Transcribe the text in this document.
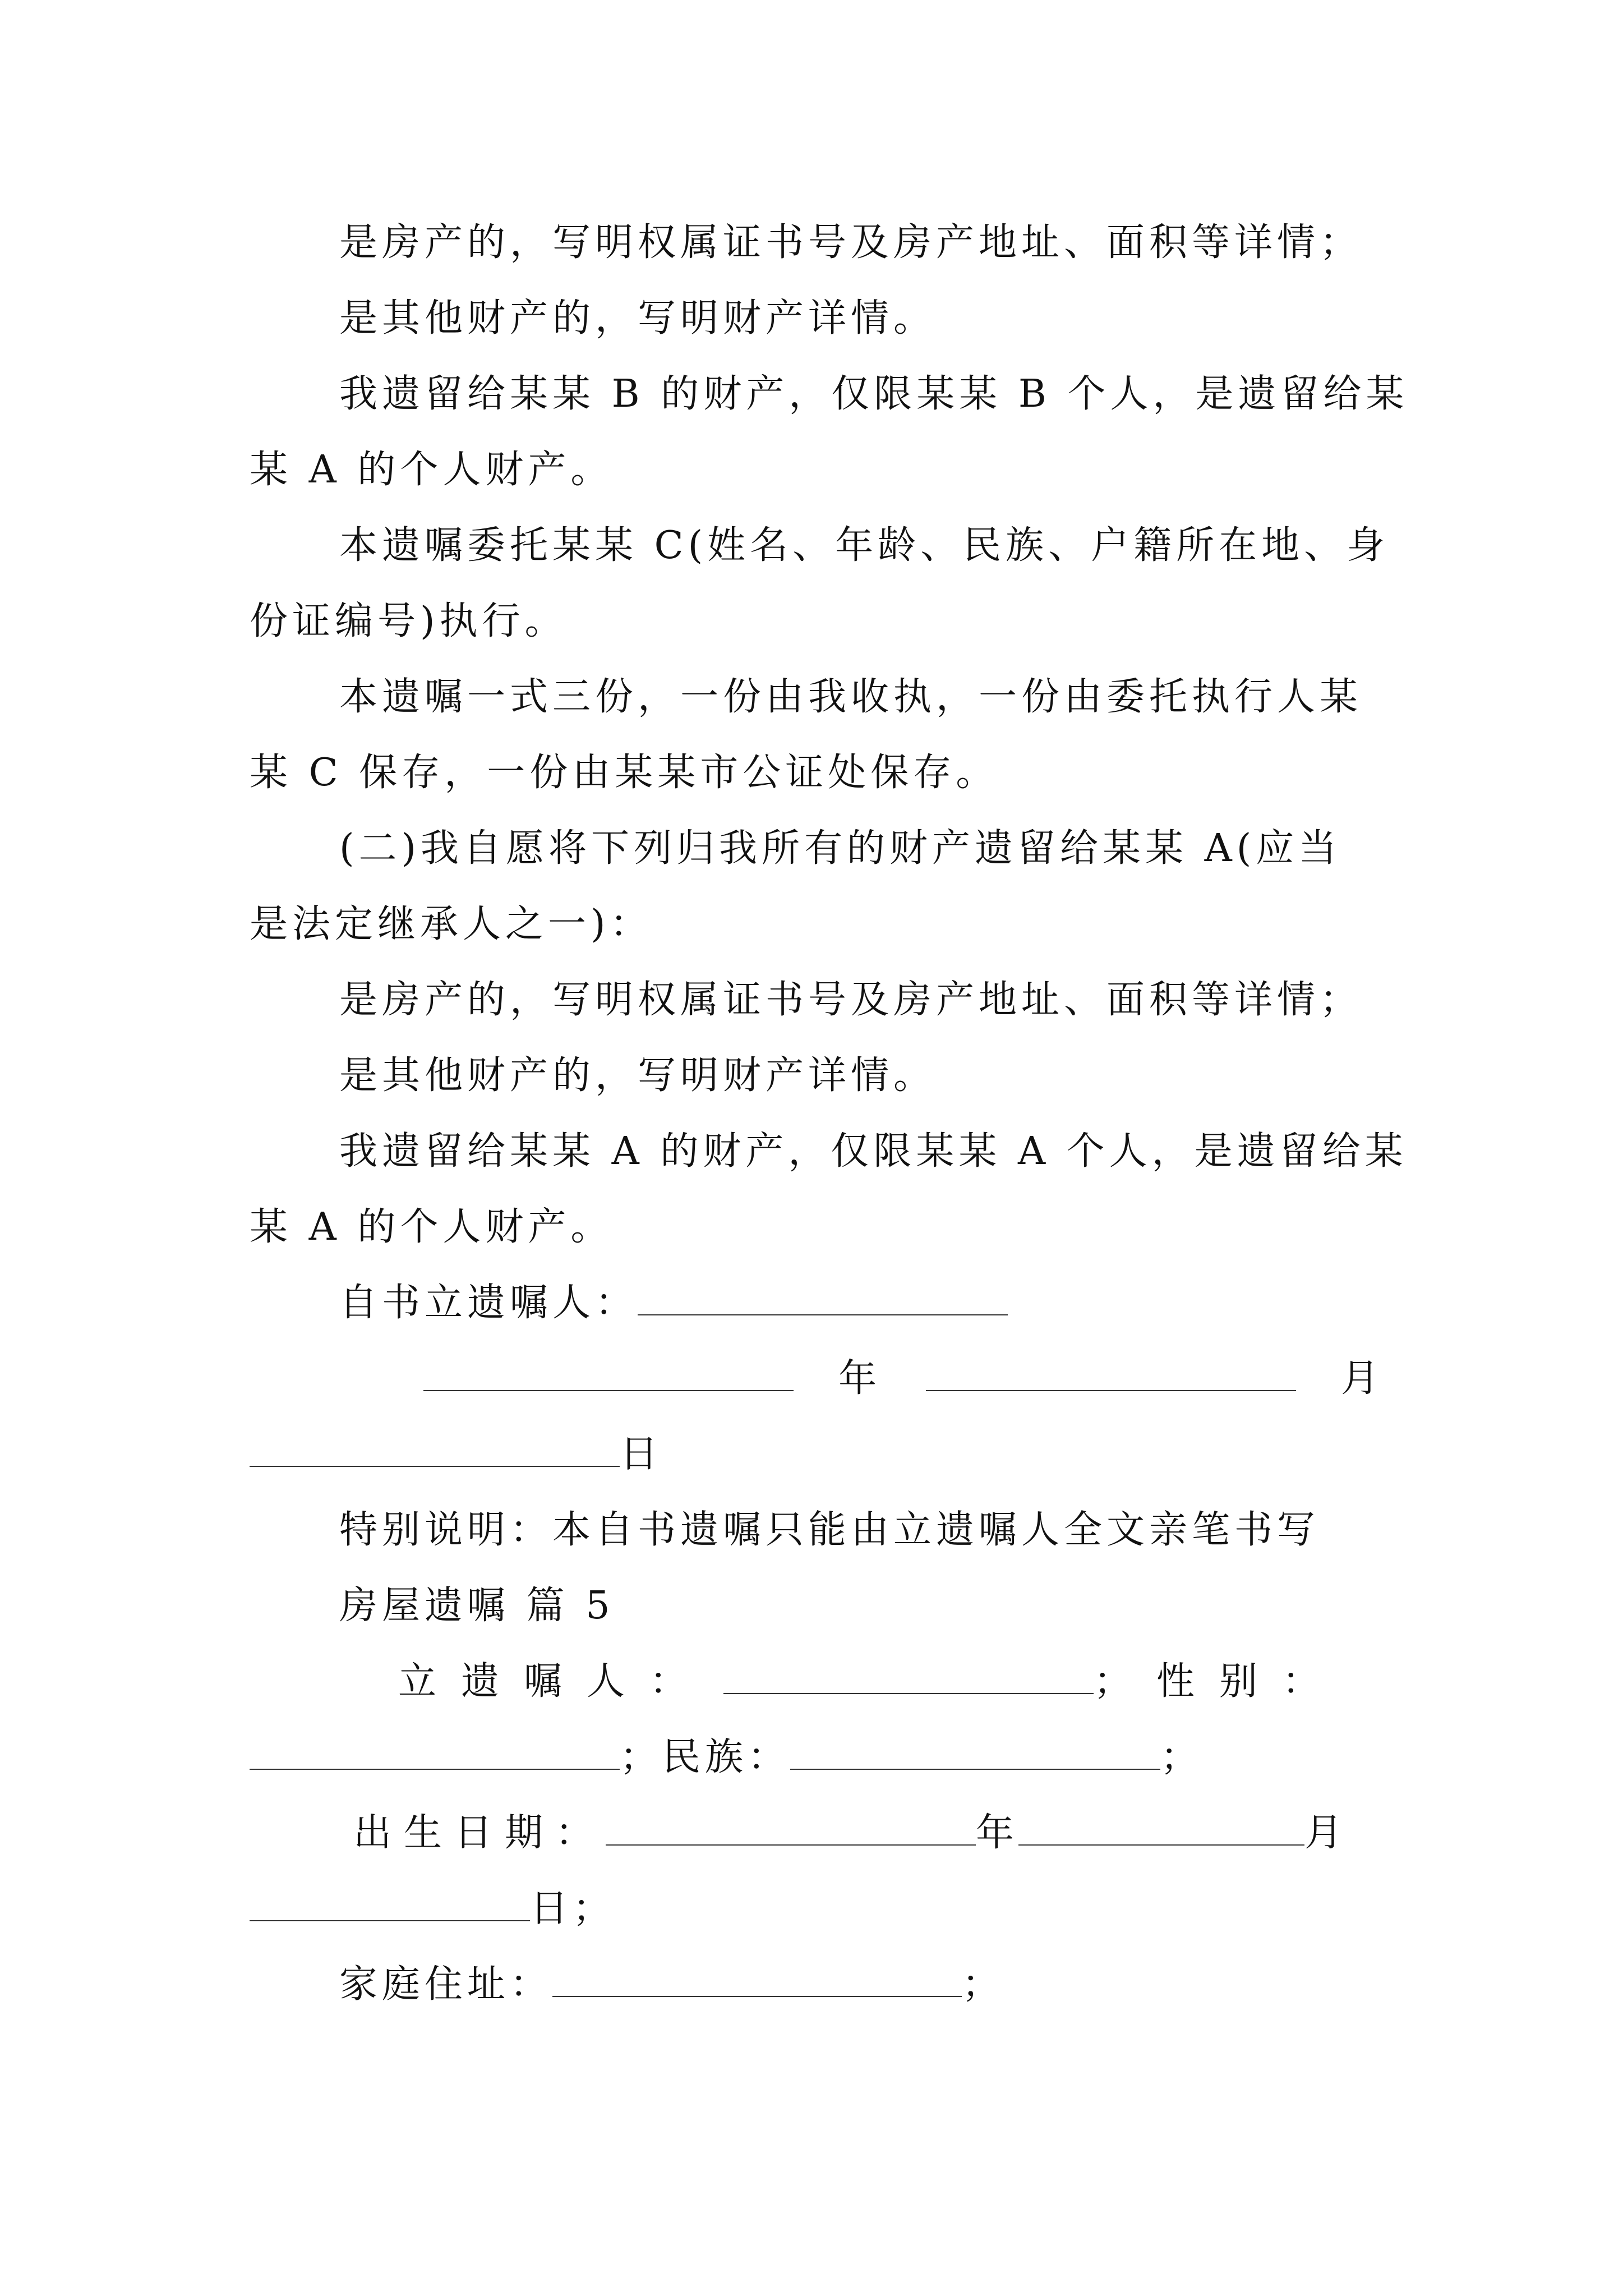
是房产的，写明权属证书号及房产地址、面积等详情；
是其他财产的，写明财产详情。
我遗留给某某 B 的财产，仅限某某 B 个人，是遗留给某
某 A 的个人财产。
本遗嘱委托某某 C(姓名、年龄、民族、户籍所在地、身
份证编号)执行。
本遗嘱一式三份，一份由我收执，一份由委托执行人某
某 C 保存，一份由某某市公证处保存。
(二)我自愿将下列归我所有的财产遗留给某某 A(应当
是法定继承人之一)：
是房产的，写明权属证书号及房产地址、面积等详情；
是其他财产的，写明财产详情。
我遗留给某某 A 的财产，仅限某某 A 个人，是遗留给某
某 A 的个人财产。
自书立遗嘱人：
年	月
日
特别说明：本自书遗嘱只能由立遗嘱人全文亲笔书写
房屋遗嘱 篇 5
立遗嘱人：	；性别：
；民族：	；
出生日期：	年	月
日；
家庭住址：	；
